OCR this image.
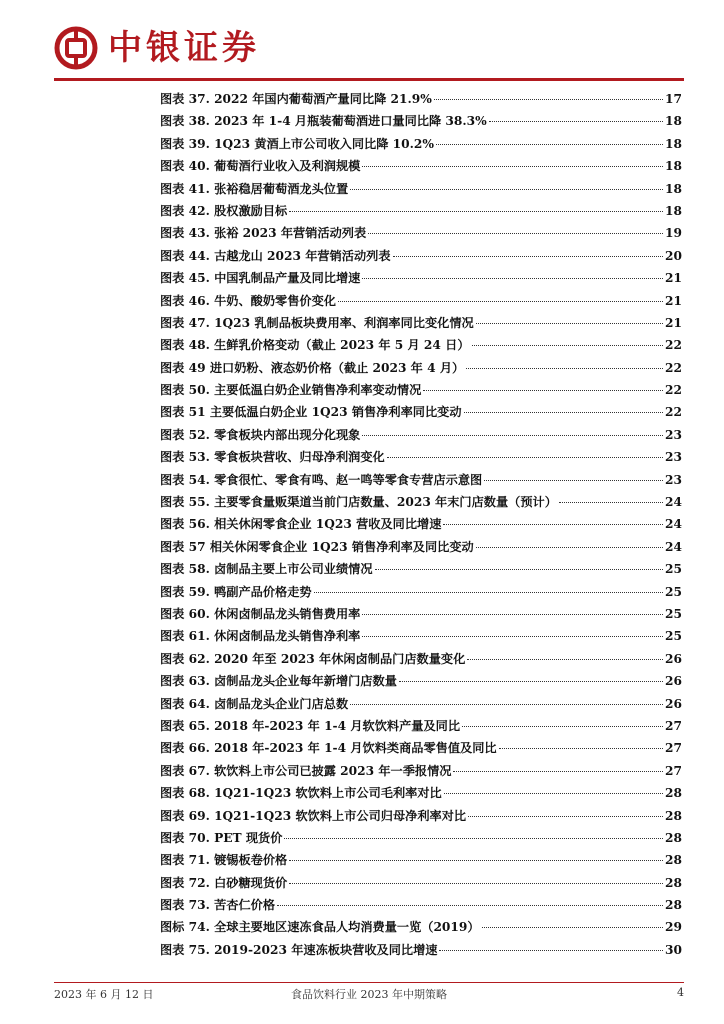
中银证券
图表 37. 2022 年国内葡萄酒产量同比降 21.9%	17
图表 38. 2023 年 1-4 月瓶装葡萄酒进口量同比降 38.3%	18
图表 39. 1Q23 黄酒上市公司收入同比降 10.2%	18
图表 40. 葡萄酒行业收入及利润规模	18
图表 41. 张裕稳居葡萄酒龙头位置	18
图表 42. 股权激励目标	18
图表 43. 张裕 2023 年营销活动列表	19
图表 44. 古越龙山 2023 年营销活动列表	20
图表 45. 中国乳制品产量及同比增速	21
图表 46. 牛奶、酸奶零售价变化	21
图表 47. 1Q23 乳制品板块费用率、利润率同比变化情况	21
图表 48. 生鲜乳价格变动（截止 2023 年 5 月 24 日）	22
图表 49 进口奶粉、液态奶价格（截止 2023 年 4 月）	22
图表 50. 主要低温白奶企业销售净利率变动情况	22
图表 51 主要低温白奶企业 1Q23 销售净利率同比变动	22
图表 52. 零食板块内部出现分化现象	23
图表 53. 零食板块营收、归母净利润变化	23
图表 54. 零食很忙、零食有鸣、赵一鸣等零食专营店示意图	23
图表 55. 主要零食量贩渠道当前门店数量、2023 年末门店数量（预计）	24
图表 56. 相关休闲零食企业 1Q23 营收及同比增速	24
图表 57 相关休闲零食企业 1Q23 销售净利率及同比变动	24
图表 58. 卤制品主要上市公司业绩情况	25
图表 59. 鸭副产品价格走势	25
图表 60. 休闲卤制品龙头销售费用率	25
图表 61. 休闲卤制品龙头销售净利率	25
图表 62. 2020 年至 2023 年休闲卤制品门店数量变化	26
图表 63. 卤制品龙头企业每年新增门店数量	26
图表 64. 卤制品龙头企业门店总数	26
图表 65. 2018 年-2023 年 1-4 月软饮料产量及同比	27
图表 66. 2018 年-2023 年 1-4 月饮料类商品零售值及同比	27
图表 67. 软饮料上市公司已披露 2023 年一季报情况	27
图表 68. 1Q21-1Q23 软饮料上市公司毛利率对比	28
图表 69. 1Q21-1Q23 软饮料上市公司归母净利率对比	28
图表 70. PET 现货价	28
图表 71. 镀锡板卷价格	28
图表 72. 白砂糖现货价	28
图表 73. 苦杏仁价格	28
图标 74. 全球主要地区速冻食品人均消费量一览（2019）	29
图表 75. 2019-2023 年速冻板块营收及同比增速	30
2023 年 6 月 12 日	食品饮料行业 2023 年中期策略	4
